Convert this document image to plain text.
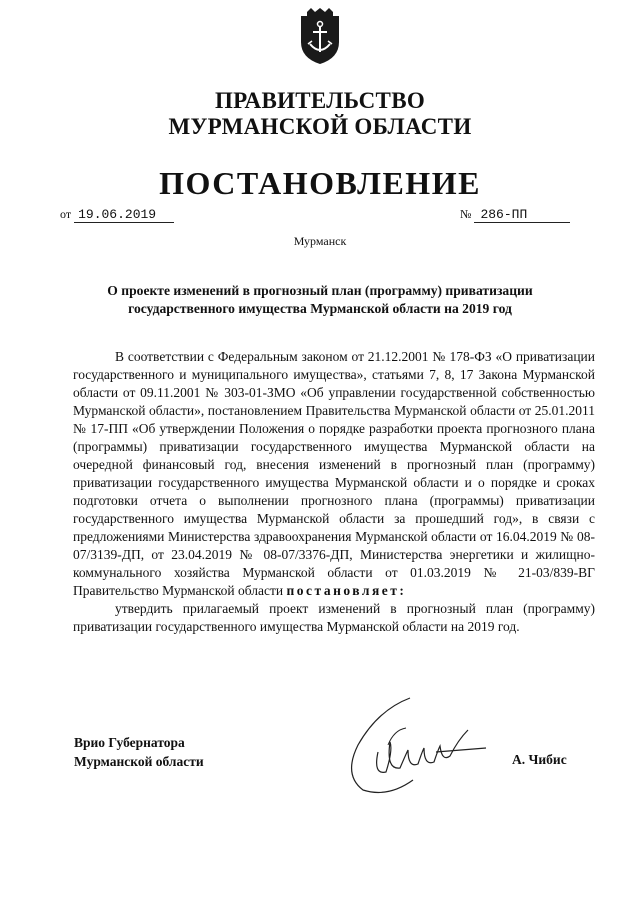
ПРАВИТЕЛЬСТВО
МУРМАНСКОЙ ОБЛАСТИ
ПОСТАНОВЛЕНИЕ
от 19.06.2019	№ 286-ПП
Мурманск
О проекте изменений в прогнозный план (программу) приватизации государственного имущества Мурманской области на 2019 год

В соответствии с Федеральным законом от 21.12.2001 № 178-ФЗ «О приватизации государственного и муниципального имущества», статьями 7, 8, 17 Закона Мурманской области от 09.11.2001 № 303-01-ЗМО «Об управлении государственной собственностью Мурманской области», постановлением Правительства Мурманской области от 25.01.2011 № 17-ПП «Об утверждении Положения о порядке разработки проекта прогнозного плана (программы) приватизации государственного имущества Мурманской области на очередной финансовый год, внесения изменений в прогнозный план (программу) приватизации государственного имущества Мурманской области и о порядке и сроках подготовки отчета о выполнении прогнозного плана (программы) приватизации государственного имущества Мурманской области за прошедший год», в связи с предложениями Министерства здравоохранения Мурманской области от 16.04.2019 № 08-07/3139-ДП, от 23.04.2019 № 08-07/3376-ДП, Министерства энергетики и жилищно-коммунального хозяйства Мурманской области от 01.03.2019 № 21-03/839-ВГ Правительство Мурманской области постановляет:

утвердить прилагаемый проект изменений в прогнозный план (программу) приватизации государственного имущества Мурманской области на 2019 год.

Врио Губернатора
Мурманской области	А. Чибис
